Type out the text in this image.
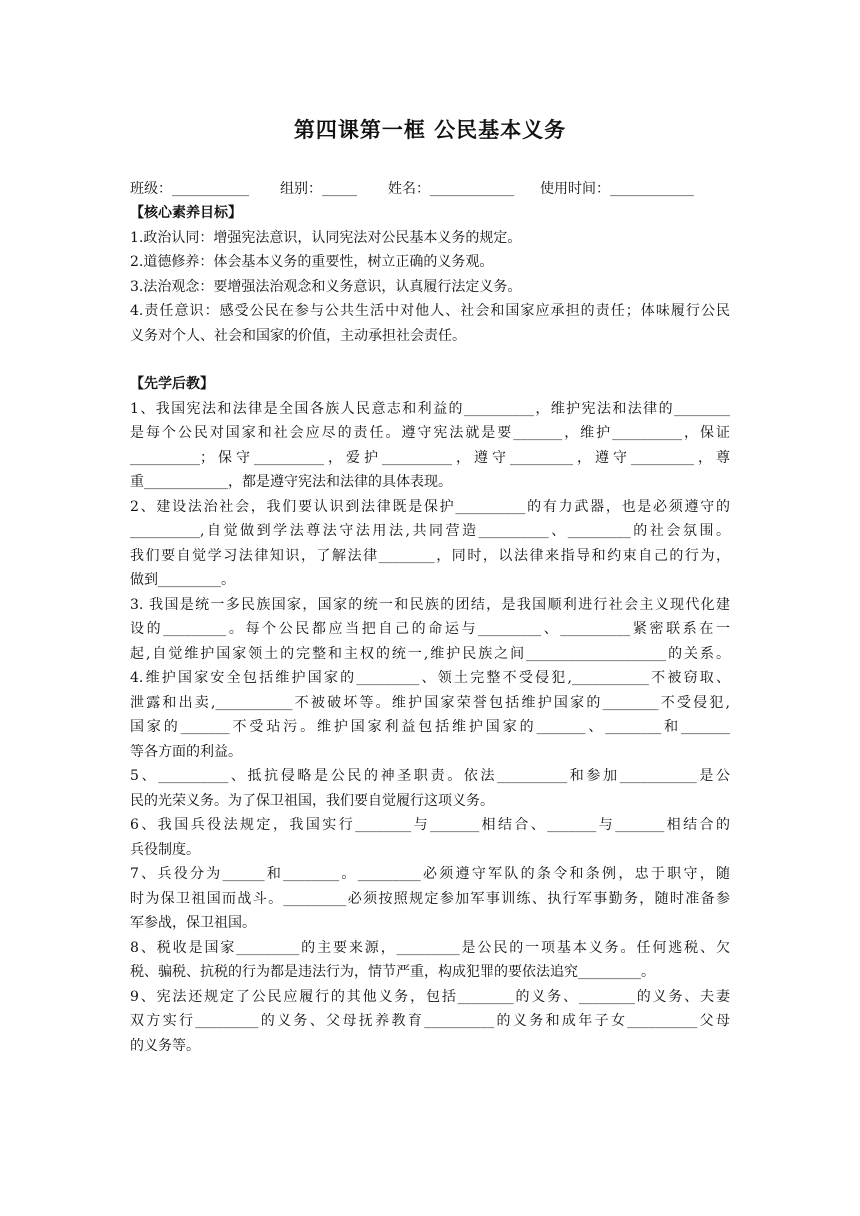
第四课第一框 公民基本义务
班级：___________ 组别：_____ 姓名：____________ 使用时间：____________
【核心素养目标】
1.政治认同：增强宪法意识，认同宪法对公民基本义务的规定。
2.道德修养：体会基本义务的重要性，树立正确的义务观。
3.法治观念：要增强法治观念和义务意识，认真履行法定义务。
4.责任意识：感受公民在参与公共生活中对他人、社会和国家应承担的责任；体味履行公民
义务对个人、社会和国家的价值，主动承担社会责任。
【先学后教】
1、我国宪法和法律是全国各族人民意志和利益的__________，维护宪法和法律的________
是每个公民对国家和社会应尽的责任。遵守宪法就是要_______，维护__________，保证
__________；保守__________，爱护__________，遵守_________，遵守_________，尊
重____________，都是遵守宪法和法律的具体表现。
2、建设法治社会，我们要认识到法律既是保护__________的有力武器，也是必须遵守的
__________,自觉做到学法尊法守法用法,共同营造__________、_________的社会氛围。
我们要自觉学习法律知识，了解法律________，同时，以法律来指导和约束自己的行为，
做到_________。
3. 我国是统一多民族国家，国家的统一和民族的团结，是我国顺利进行社会主义现代化建
设的_________。每个公民都应当把自己的命运与_________、__________紧密联系在一
起,自觉维护国家领土的完整和主权的统一,维护民族之间____________________的关系。
4.维护国家安全包括维护国家的_________、领土完整不受侵犯,___________不被窃取、
泄露和出卖,___________不被破坏等。维护国家荣誉包括维护国家的________不受侵犯,
国家的_______不受玷污。维护国家利益包括维护国家的_______、________和_______
等各方面的利益。
5、__________、抵抗侵略是公民的神圣职责。依法__________和参加___________是公
民的光荣义务。为了保卫祖国，我们要自觉履行这项义务。
6、我国兵役法规定，我国实行________与_______相结合、_______与_______相结合的
兵役制度。
7、兵役分为______和________。_________必须遵守军队的条令和条例，忠于职守，随
时为保卫祖国而战斗。_________必须按照规定参加军事训练、执行军事勤务，随时准备参
军参战，保卫祖国。
8、税收是国家_________的主要来源，_________是公民的一项基本义务。任何逃税、欠
税、骗税、抗税的行为都是违法行为，情节严重，构成犯罪的要依法追究_________。
9、宪法还规定了公民应履行的其他义务，包括________的义务、________的义务、夫妻
双方实行_________的义务、父母抚养教育__________的义务和成年子女__________父母
的义务等。
